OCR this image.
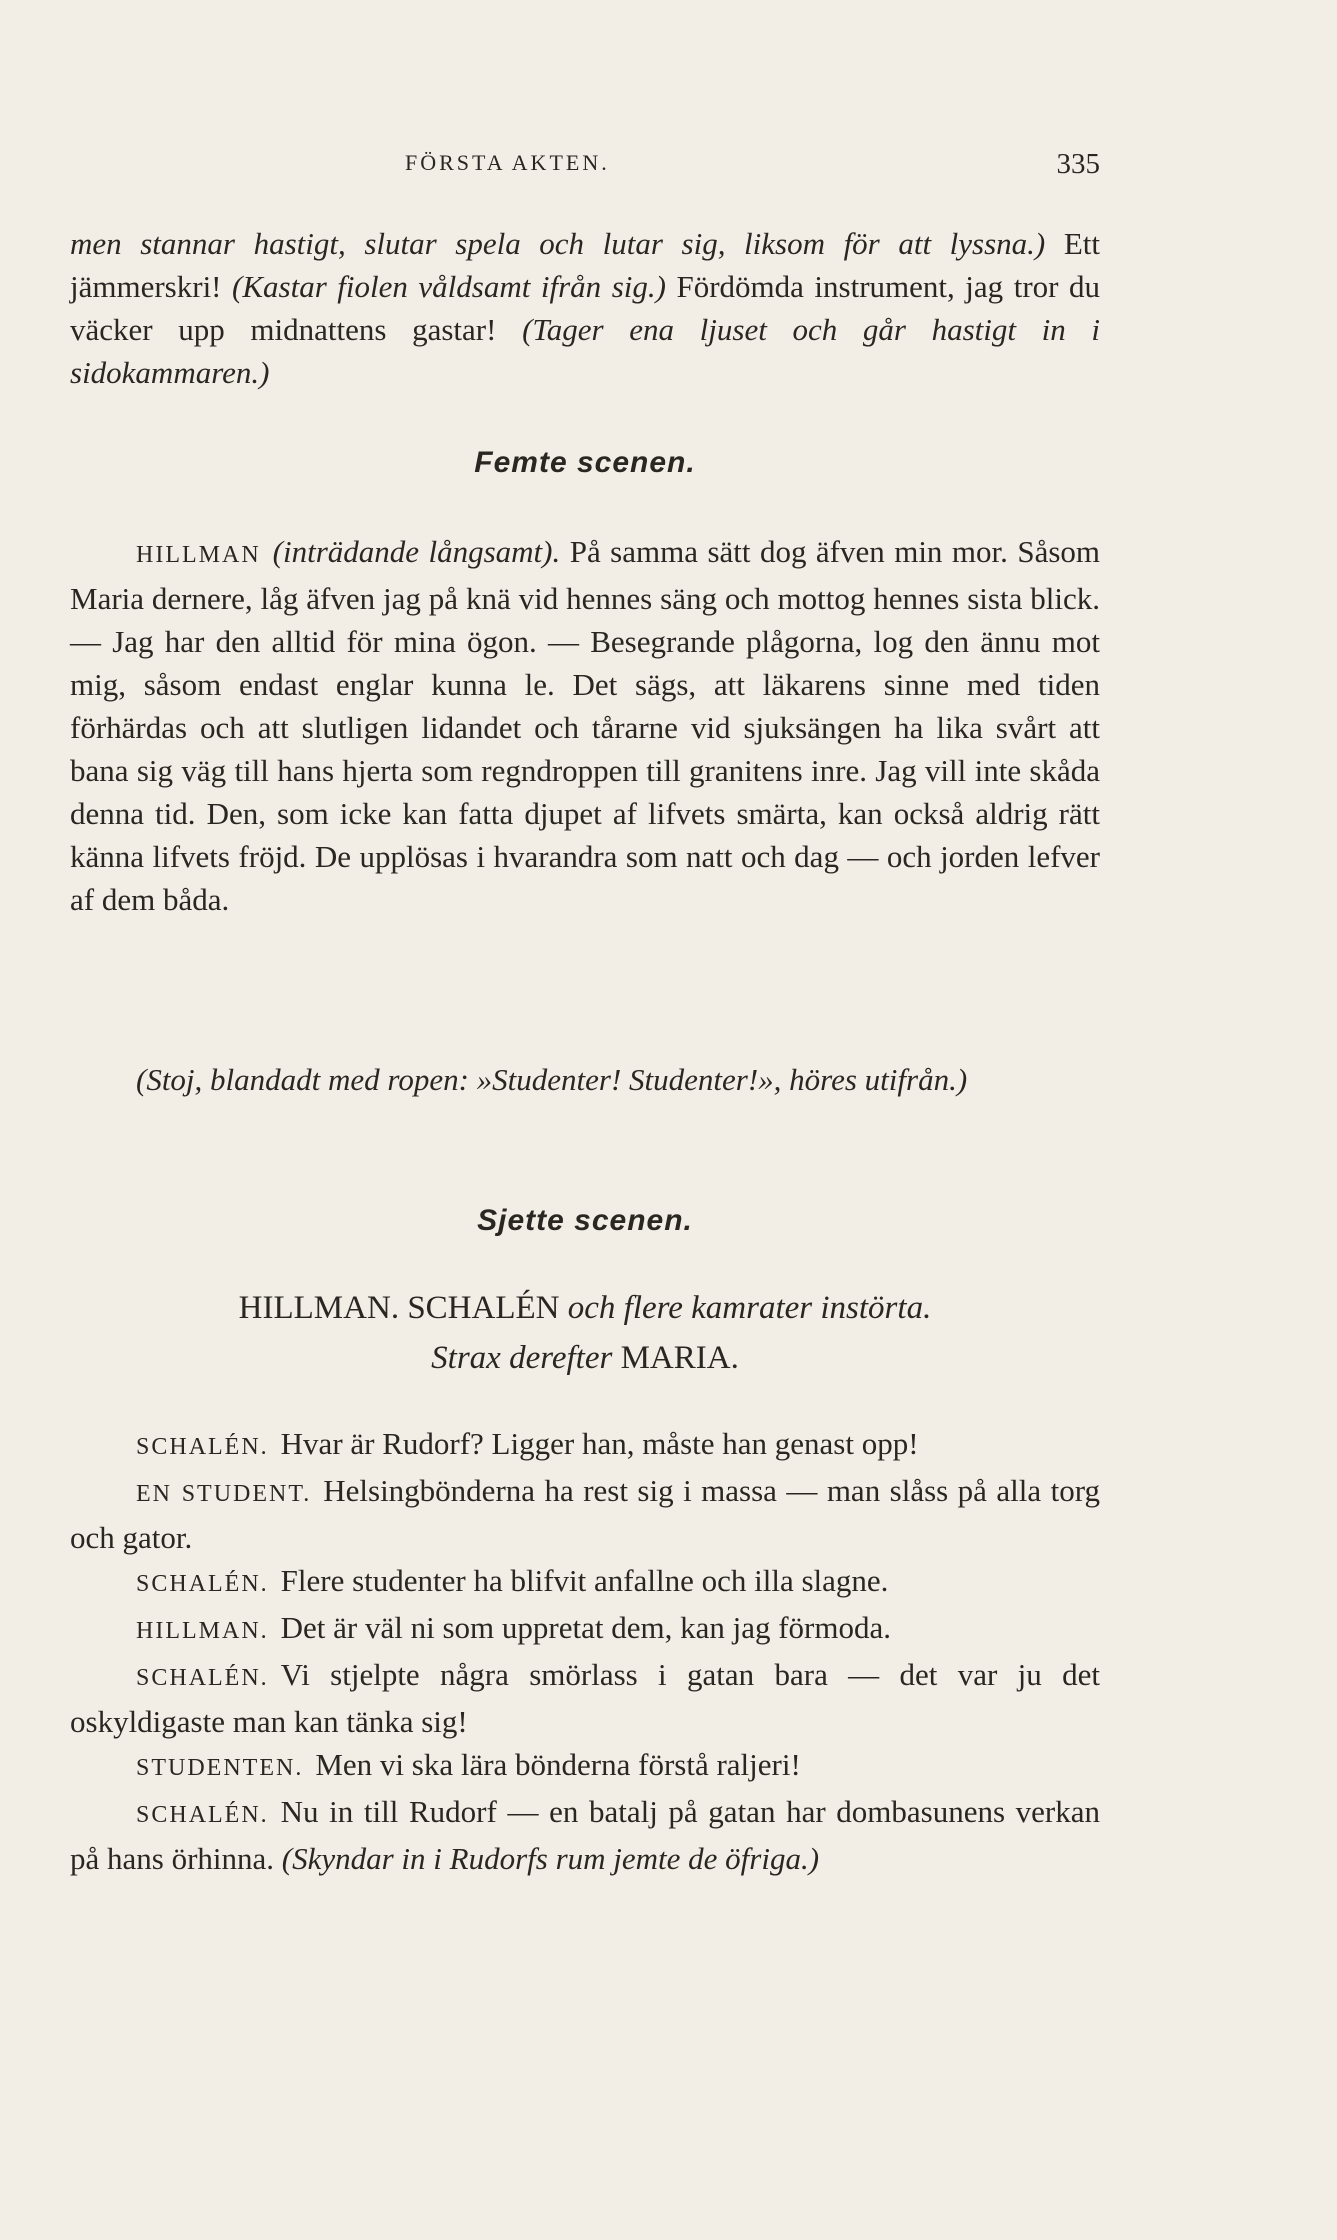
FÖRSTA AKTEN.	335
men stannar hastigt, slutar spela och lutar sig, liksom för att lyssna.) Ett jämmerskri! (Kastar fiolen våldsamt ifrån sig.) Fördömda instrument, jag tror du väcker upp midnattens gastar! (Tager ena ljuset och går hastigt in i sidokammaren.)
Femte scenen.
HILLMAN (inträdande långsamt). På samma sätt dog äfven min mor. Såsom Maria dernere, låg äfven jag på knä vid hennes säng och mottog hennes sista blick. — Jag har den alltid för mina ögon. — Besegrande plågorna, log den ännu mot mig, såsom endast englar kunna le. Det sägs, att läkarens sinne med tiden förhärdas och att slutligen lidandet och tårarne vid sjuksängen ha lika svårt att bana sig väg till hans hjerta som regndroppen till granitens inre. Jag vill inte skåda denna tid. Den, som icke kan fatta djupet af lifvets smärta, kan också aldrig rätt känna lifvets fröjd. De upplösas i hvarandra som natt och dag — och jorden lefver af dem båda.
(Stoj, blandadt med ropen: »Studenter! Studenter!», höres utifrån.)
Sjette scenen.
HILLMAN. SCHALÉN och flere kamrater instörta.
Strax derefter MARIA.
SCHALÉN. Hvar är Rudorf? Ligger han, måste han genast opp!
EN STUDENT. Helsingbönderna ha rest sig i massa — man slåss på alla torg och gator.
SCHALÉN. Flere studenter ha blifvit anfallne och illa slagne.
HILLMAN. Det är väl ni som uppretat dem, kan jag förmoda.
SCHALÉN. Vi stjelpte några smörlass i gatan bara — det var ju det oskyldigaste man kan tänka sig!
STUDENTEN. Men vi ska lära bönderna förstå raljeri!
SCHALÉN. Nu in till Rudorf — en batalj på gatan har dombasunens verkan på hans örhinna. (Skyndar in i Rudorfs rum jemte de öfriga.)
